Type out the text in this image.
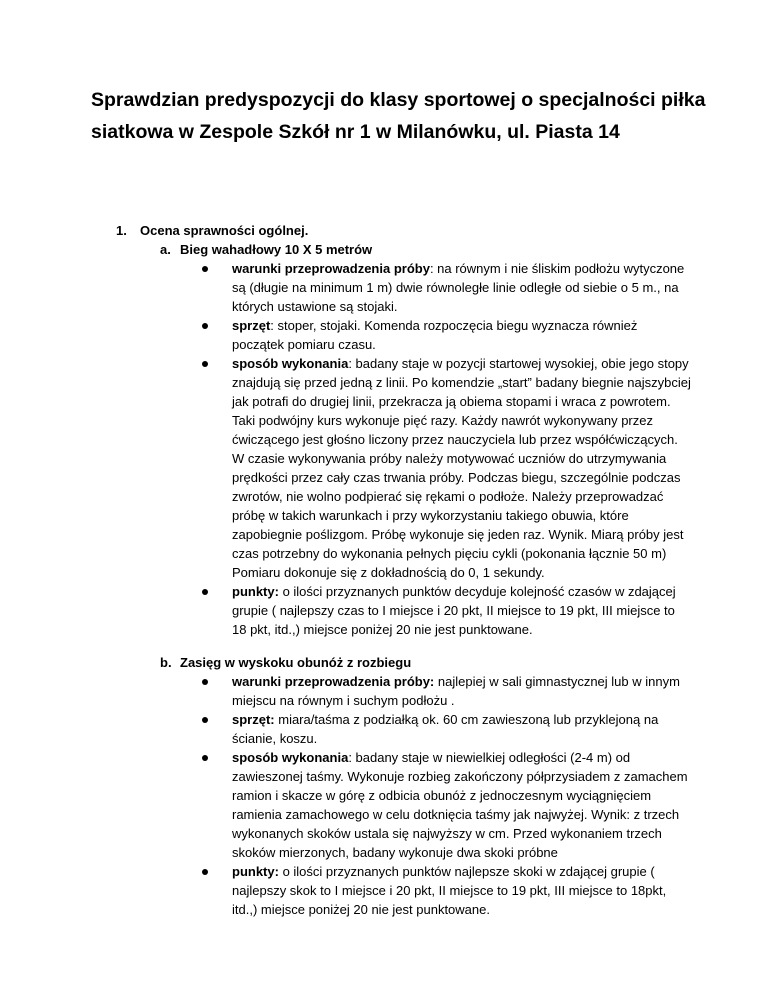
Sprawdzian predyspozycji do klasy sportowej o specjalności piłka siatkowa w Zespole Szkół nr 1 w Milanówku, ul. Piasta 14
1. Ocena sprawności ogólnej.
a. Bieg wahadłowy 10 X 5 metrów
warunki przeprowadzenia próby: na równym i nie śliskim podłożu wytyczone są (długie na minimum 1 m) dwie równoległe linie odległe od siebie o 5 m., na których ustawione są stojaki.
sprzęt: stoper, stojaki. Komenda rozpoczęcia biegu wyznacza również początek pomiaru czasu.
sposób wykonania: badany staje w pozycji startowej wysokiej, obie jego stopy znajdują się przed jedną z linii. Po komendzie „start” badany biegnie najszybciej jak potrafi do drugiej linii, przekracza ją obiema stopami i wraca z powrotem. Taki podwójny kurs wykonuje pięć razy. Każdy nawrót wykonywany przez ćwiczącego jest głośno liczony przez nauczyciela lub przez współćwiczących. W czasie wykonywania próby należy motywować uczniów do utrzymywania prędkości przez cały czas trwania próby. Podczas biegu, szczególnie podczas zwrotów, nie wolno podpierać się rękami o podłoże. Należy przeprowadzać próbę w takich warunkach i przy wykorzystaniu takiego obuwia, które zapobiegnie poślizgom. Próbę wykonuje się jeden raz. Wynik. Miarą próby jest czas potrzebny do wykonania pełnych pięciu cykli (pokonania łącznie 50 m) Pomiaru dokonuje się z dokładnością do 0, 1 sekundy.
punkty: o ilości przyznanych punktów decyduje kolejność czasów w zdającej grupie ( najlepszy czas to I miejsce i 20 pkt, II miejsce to 19 pkt, III miejsce to 18 pkt, itd.,) miejsce poniżej 20 nie jest punktowane.
b. Zasięg w wyskoku obunóż z rozbiegu
warunki przeprowadzenia próby: najlepiej w sali gimnastycznej lub w innym miejscu na równym i suchym podłożu .
sprzęt: miara/taśma z podziałką ok. 60 cm zawieszoną lub przyklejoną na ścianie, koszu.
sposób wykonania: badany staje w niewielkiej odległości (2-4 m) od zawieszonej taśmy. Wykonuje rozbieg zakończony półprzysiadem z zamachem ramion i skacze w górę z odbicia obunóż z jednoczesnym wyciągnięciem ramienia zamachowego w celu dotknięcia taśmy jak najwyżej. Wynik: z trzech wykonanych skoków ustala się najwyższy w cm. Przed wykonaniem trzech skoków mierzonych, badany wykonuje dwa skoki próbne
punkty: o ilości przyznanych punktów najlepsze skoki w zdającej grupie ( najlepszy skok to I miejsce i 20 pkt, II miejsce to 19 pkt, III miejsce to 18pkt, itd.,) miejsce poniżej 20 nie jest punktowane.
